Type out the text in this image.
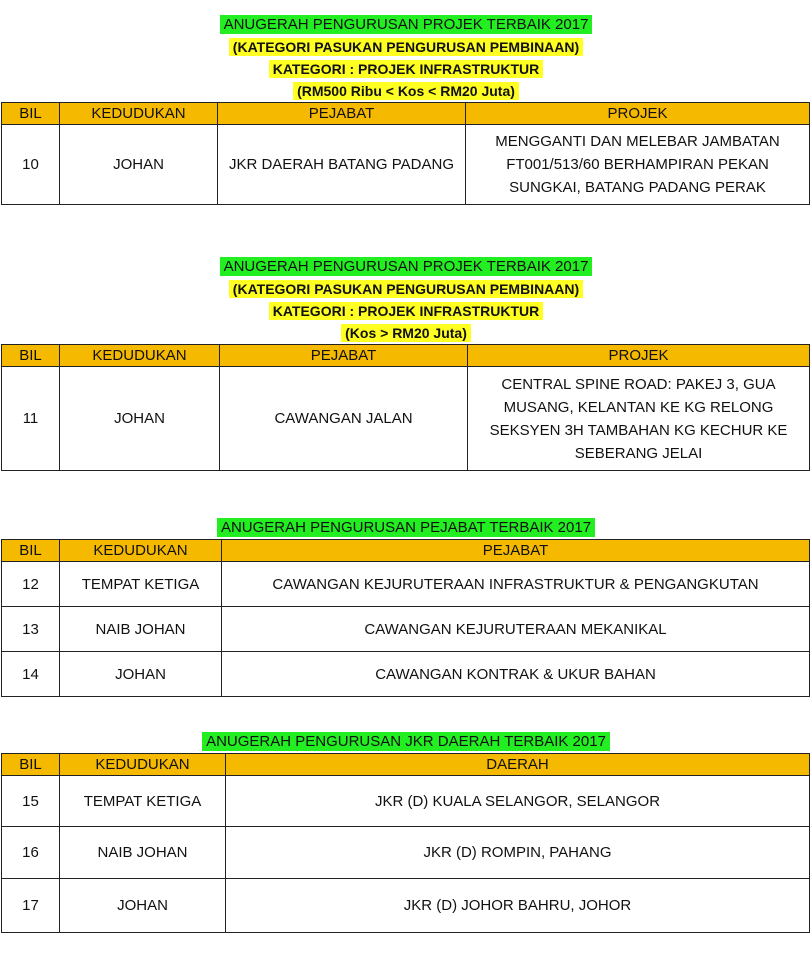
ANUGERAH PENGURUSAN PROJEK TERBAIK 2017
(KATEGORI PASUKAN PENGURUSAN PEMBINAAN)
KATEGORI : PROJEK INFRASTRUKTUR
(RM500 Ribu < Kos < RM20 Juta)
BIL	KEDUDUKAN	PEJABAT	PROJEK
10	JOHAN	JKR DAERAH BATANG PADANG	MENGGANTI DAN MELEBAR JAMBATAN FT001/513/60 BERHAMPIRAN PEKAN SUNGKAI, BATANG PADANG PERAK
ANUGERAH PENGURUSAN PROJEK TERBAIK 2017
(KATEGORI PASUKAN PENGURUSAN PEMBINAAN)
KATEGORI : PROJEK INFRASTRUKTUR
(Kos > RM20 Juta)
BIL	KEDUDUKAN	PEJABAT	PROJEK
11	JOHAN	CAWANGAN JALAN	CENTRAL SPINE ROAD: PAKEJ 3, GUA MUSANG, KELANTAN KE KG RELONG SEKSYEN 3H TAMBAHAN KG KECHUR KE SEBERANG JELAI
ANUGERAH PENGURUSAN PEJABAT TERBAIK 2017
BIL	KEDUDUKAN	PEJABAT
12	TEMPAT KETIGA	CAWANGAN KEJURUTERAAN INFRASTRUKTUR & PENGANGKUTAN
13	NAIB JOHAN	CAWANGAN KEJURUTERAAN MEKANIKAL
14	JOHAN	CAWANGAN KONTRAK & UKUR BAHAN
ANUGERAH PENGURUSAN JKR DAERAH TERBAIK 2017
BIL	KEDUDUKAN	DAERAH
15	TEMPAT KETIGA	JKR (D) KUALA SELANGOR, SELANGOR
16	NAIB JOHAN	JKR (D) ROMPIN, PAHANG
17	JOHAN	JKR (D) JOHOR BAHRU, JOHOR
